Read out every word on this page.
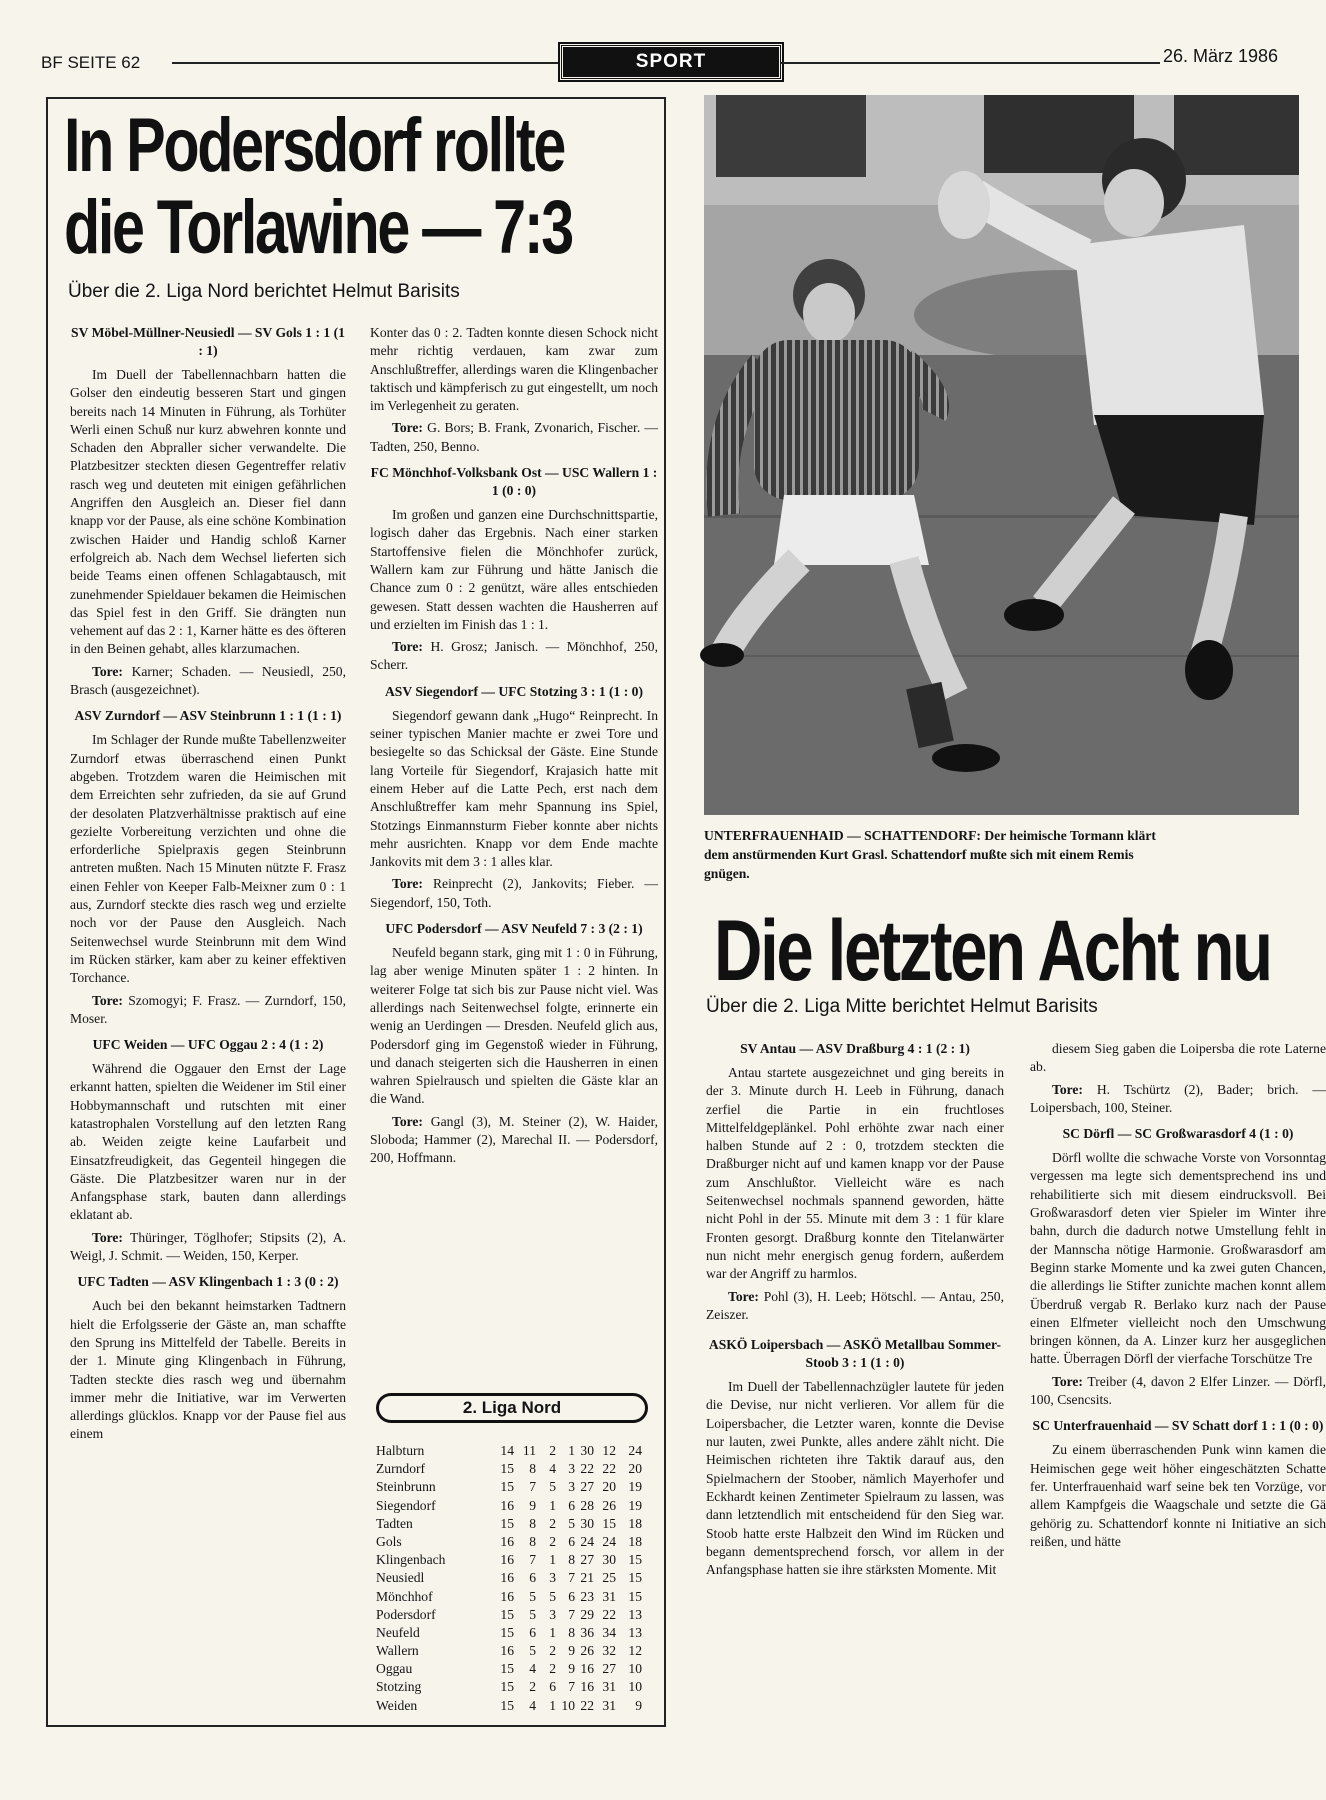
BF SEITE 62	SPORT	26. März 1986
In Podersdorf rollte
die Torlawine — 7:3
Über die 2. Liga Nord berichtet Helmut Barisits
SV Möbel-Müllner-Neusiedl — SV Gols 1 : 1 (1 : 1)

Im Duell der Tabellennachbarn hatten die Golser den eindeutig besseren Start und gingen bereits nach 14 Minuten in Führung, als Torhüter Werli einen Schuß nur kurz abwehren konnte und Schaden den Abpraller sicher verwandelte. Die Platzbesitzer steckten diesen Gegentreffer relativ rasch weg und deuteten mit einigen gefährlichen Angriffen den Ausgleich an. Dieser fiel dann knapp vor der Pause, als eine schöne Kombination zwischen Haider und Handig schloß Karner erfolgreich ab. Nach dem Wechsel lieferten sich beide Teams einen offenen Schlagabtausch, mit zunehmender Spieldauer bekamen die Heimischen das Spiel fest in den Griff. Sie drängten nun vehement auf das 2 : 1, Karner hätte es des öfteren in den Beinen gehabt, alles klarzumachen.

Tore: Karner; Schaden. — Neusiedl, 250, Brasch (ausgezeichnet).

ASV Zurndorf — ASV Steinbrunn 1 : 1 (1 : 1)

Im Schlager der Runde mußte Tabellenzweiter Zurndorf etwas überraschend einen Punkt abgeben. Trotzdem waren die Heimischen mit dem Erreichten sehr zufrieden, da sie auf Grund der desolaten Platzverhältnisse praktisch auf eine gezielte Vorbereitung verzichten und ohne die erforderliche Spielpraxis gegen Steinbrunn antreten mußten. Nach 15 Minuten nützte F. Frasz einen Fehler von Keeper Falb-Meixner zum 0 : 1 aus, Zurndorf steckte dies rasch weg und erzielte noch vor der Pause den Ausgleich. Nach Seitenwechsel wurde Steinbrunn mit dem Wind im Rücken stärker, kam aber zu keiner effektiven Torchance.

Tore: Szomogyi; F. Frasz. — Zurndorf, 150, Moser.

UFC Weiden — UFC Oggau 2 : 4 (1 : 2)

Während die Oggauer den Ernst der Lage erkannt hatten, spielten die Weidener im Stil einer Hobbymannschaft und rutschten mit einer katastrophalen Vorstellung auf den letzten Rang ab. Weiden zeigte keine Laufarbeit und Einsatzfreudigkeit, das Gegenteil hingegen die Gäste. Die Platzbesitzer waren nur in der Anfangsphase stark, bauten dann allerdings eklatant ab.

Tore: Thüringer, Töglhofer; Stipsits (2), A. Weigl, J. Schmit. — Weiden, 150, Kerper.

UFC Tadten — ASV Klingenbach 1 : 3 (0 : 2)

Auch bei den bekannt heimstarken Tadtnern hielt die Erfolgsserie der Gäste an, man schaffte den Sprung ins Mittelfeld der Tabelle. Bereits in der 1. Minute ging Klingenbach in Führung, Tadten steckte dies rasch weg und übernahm immer mehr die Initiative, war im Verwerten allerdings glücklos. Knapp vor der Pause fiel aus einem

Konter das 0 : 2. Tadten konnte diesen Schock nicht mehr richtig verdauen, kam zwar zum Anschlußtreffer, allerdings waren die Klingenbacher taktisch und kämpferisch zu gut eingestellt, um noch im Verlegenheit zu geraten.

Tore: G. Bors; B. Frank, Zvonarich, Fischer. — Tadten, 250, Benno.

FC Mönchhof-Volksbank Ost — USC Wallern 1 : 1 (0 : 0)

Im großen und ganzen eine Durchschnittspartie, logisch daher das Ergebnis. Nach einer starken Startoffensive fielen die Mönchhofer zurück, Wallern kam zur Führung und hätte Janisch die Chance zum 0 : 2 genützt, wäre alles entschieden gewesen. Statt dessen wachten die Hausherren auf und erzielten im Finish das 1 : 1.

Tore: H. Grosz; Janisch. — Mönchhof, 250, Scherr.

ASV Siegendorf — UFC Stotzing 3 : 1 (1 : 0)

Siegendorf gewann dank „Hugo“ Reinprecht. In seiner typischen Manier machte er zwei Tore und besiegelte so das Schicksal der Gäste. Eine Stunde lang Vorteile für Siegendorf, Krajasich hatte mit einem Heber auf die Latte Pech, erst nach dem Anschlußtreffer kam mehr Spannung ins Spiel, Stotzings Einmannsturm Fieber konnte aber nichts mehr ausrichten. Knapp vor dem Ende machte Jankovits mit dem 3 : 1 alles klar.

Tore: Reinprecht (2), Jankovits; Fieber. — Siegendorf, 150, Toth.

UFC Podersdorf — ASV Neufeld 7 : 3 (2 : 1)

Neufeld begann stark, ging mit 1 : 0 in Führung, lag aber wenige Minuten später 1 : 2 hinten. In weiterer Folge tat sich bis zur Pause nicht viel. Was allerdings nach Seitenwechsel folgte, erinnerte ein wenig an Uerdingen — Dresden. Neufeld glich aus, Podersdorf ging im Gegenstoß wieder in Führung, und danach steigerten sich die Hausherren in einen wahren Spielrausch und spielten die Gäste klar an die Wand.

Tore: Gangl (3), M. Steiner (2), W. Haider, Sloboda; Hammer (2), Marechal II. — Podersdorf, 200, Hoffmann.

2. Liga Nord
Halbturn	14 11 2 1 30 12 24
Zurndorf	15	8 4 3 22 22 20
Steinbrunn	15	7 5 3 27 20 19
Siegendorf	16	9 1 6 28 26 19
Tadten	15	8 2 5 30 15 18
Gols	16	8 2 6 24 24 18
Klingenbach	16	7 1 8 27 30 15
Neusiedl	16	6 3 7 21 25 15
Mönchhof	16	5 5 6 23 31 15
Podersdorf	15	5 3 7 29 22 13
Neufeld	15	6 1 8 36 34 13
Wallern	16	5 2 9 26 32 12
Oggau	15	4 2 9 16 27 10
Stotzing	15	2 6 7 16 31 10
Weiden	15	4 1 10 22 31	9
UNTERFRAUENHAID — SCHATTENDORF: Der heimische Tormann klärt
dem anstürmenden Kurt Grasl. Schattendorf mußte sich mit einem Remis
gnügen.
Die letzten Acht nu
Über die 2. Liga Mitte berichtet Helmut Barisits
SV Antau — ASV Draßburg 4 : 1 (2 : 1)

Antau startete ausgezeichnet und ging bereits in der 3. Minute durch H. Leeb in Führung, danach zerfiel die Partie in ein fruchtloses Mittelfeldgeplänkel. Pohl erhöhte zwar nach einer halben Stunde auf 2 : 0, trotzdem steckten die Draßburger nicht auf und kamen knapp vor der Pause zum Anschlußtor. Vielleicht wäre es nach Seitenwechsel nochmals spannend geworden, hätte nicht Pohl in der 55. Minute mit dem 3 : 1 für klare Fronten gesorgt. Draßburg konnte den Titelanwärter nun nicht mehr energisch genug fordern, außerdem war der Angriff zu harmlos.

Tore: Pohl (3), H. Leeb; Hötschl. — Antau, 250, Zeiszer.

ASKÖ Loipersbach — ASKÖ Metallbau Sommer-Stoob 3 : 1 (1 : 0)

Im Duell der Tabellennachzügler lautete für jeden die Devise, nur nicht verlieren. Vor allem für die Loipersbacher, die Letzter waren, konnte die Devise nur lauten, zwei Punkte, alles andere zählt nicht. Die Heimischen richteten ihre Taktik darauf aus, den Spielmachern der Stoober, nämlich Mayerhofer und Eckhardt keinen Zentimeter Spielraum zu lassen, was dann letztendlich mit entscheidend für den Sieg war. Stoob hatte erste Halbzeit den Wind im Rücken und begann dementsprechend forsch, vor allem in der Anfangsphase hatten sie ihre stärksten Momente. Mit

diesem Sieg gaben die Loipersba die rote Laterne ab.

Tore: H. Tschürtz (2), Bader; brich. — Loipersbach, 100, Steiner.

SC Dörfl — SC Großwarasdorf 4 (1 : 0)

Dörfl wollte die schwache Vorste von Vorsonntag vergessen ma legte sich dementsprechend ins und rehabilitierte sich mit diesem eindrucksvoll. Bei Großwarasdorf deten vier Spieler im Winter ihre bahn, durch die dadurch notwe Umstellung fehlt in der Mannscha nötige Harmonie. Großwarasdorf am Beginn starke Momente und ka zwei guten Chancen, die allerdings lie Stifter zunichte machen konnt allem Überdruß vergab R. Berlako kurz nach der Pause einen Elfmeter vielleicht noch den Umschwung bringen können, da A. Linzer kurz her ausgeglichen hatte. Überragen Dörfl der vierfache Torschütze Tre

Tore: Treiber (4, davon 2 Elfer Linzer. — Dörfl, 100, Csencsits.

SC Unterfrauenhaid — SV Schatt dorf 1 : 1 (0 : 0)

Zu einem überraschenden Punk winn kamen die Heimischen gege weit höher eingeschätzten Schatte fer. Unterfrauenhaid warf seine bek ten Vorzüge, vor allem Kampfgeis die Waagschale und setzte die Gä gehörig zu. Schattendorf konnte ni Initiative an sich reißen, und hätte
